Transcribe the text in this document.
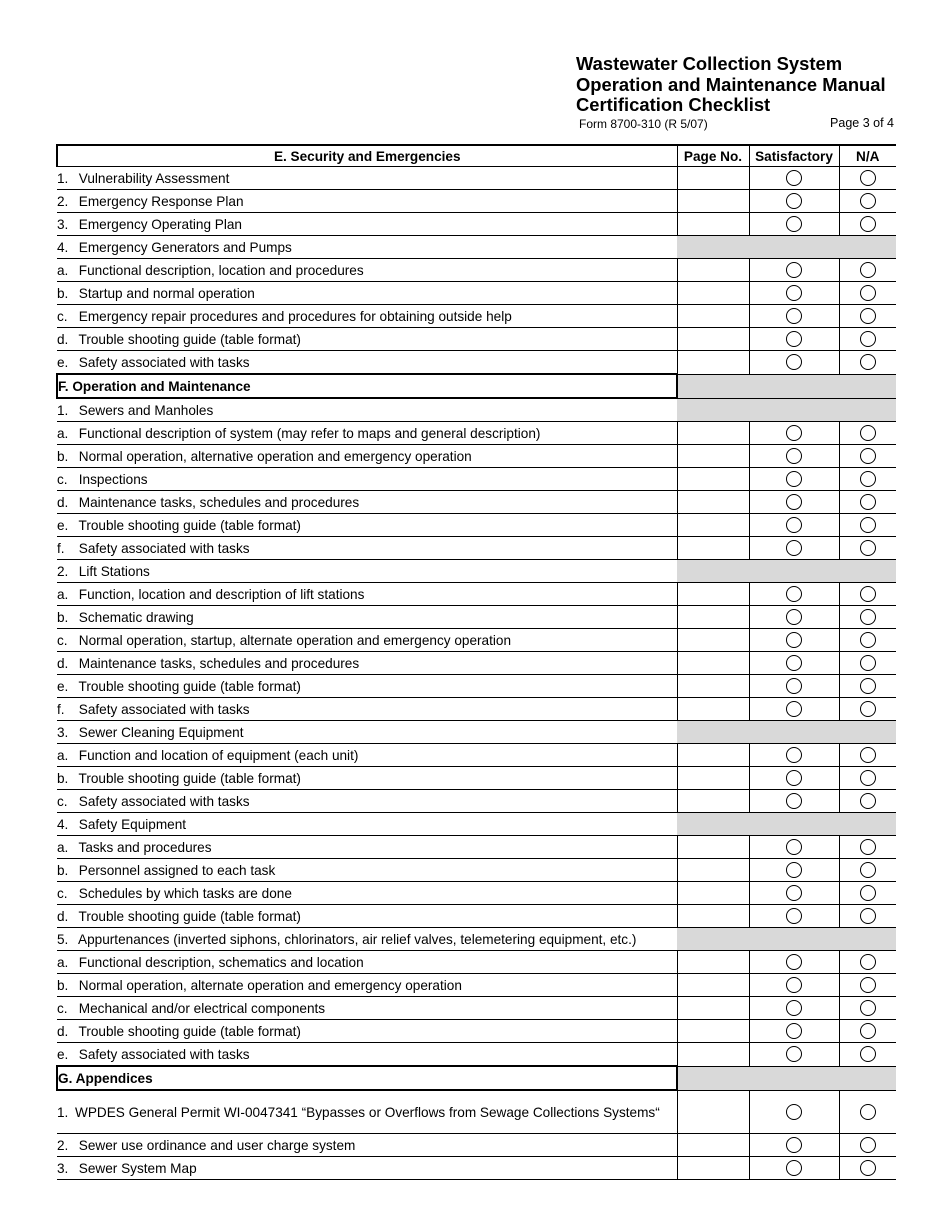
Wastewater Collection System
Operation and Maintenance Manual
Certification Checklist
Form 8700-310 (R 5/07)	Page 3 of 4
E. Security and Emergencies	Page No.	Satisfactory	N/A
1. Vulnerability Assessment			
2. Emergency Response Plan			
3. Emergency Operating Plan			
4. Emergency Generators and Pumps			
a. Functional description, location and procedures			
b. Startup and normal operation			
c. Emergency repair procedures and procedures for obtaining outside help			
d. Trouble shooting guide (table format)			
e. Safety associated with tasks			
F. Operation and Maintenance			
1. Sewers and Manholes			
a. Functional description of system (may refer to maps and general description)			
b. Normal operation, alternative operation and emergency operation			
c. Inspections			
d. Maintenance tasks, schedules and procedures			
e. Trouble shooting guide (table format)			
f. Safety associated with tasks			
2. Lift Stations			
a. Function, location and description of lift stations			
b. Schematic drawing			
c. Normal operation, startup, alternate operation and emergency operation			
d. Maintenance tasks, schedules and procedures			
e. Trouble shooting guide (table format)			
f. Safety associated with tasks			
3. Sewer Cleaning Equipment			
a. Function and location of equipment (each unit)			
b. Trouble shooting guide (table format)			
c. Safety associated with tasks			
4. Safety Equipment			
a. Tasks and procedures			
b. Personnel assigned to each task			
c. Schedules by which tasks are done			
d. Trouble shooting guide (table format)			
5. Appurtenances (inverted siphons, chlorinators, air relief valves, telemetering equipment, etc.)			
a. Functional description, schematics and location			
b. Normal operation, alternate operation and emergency operation			
c. Mechanical and/or electrical components			
d. Trouble shooting guide (table format)			
e. Safety associated with tasks			
G. Appendices			

1. WPDES General Permit WI-0047341 “Bypasses or Overflows from Sewage Collections Systems“			

2. Sewer use ordinance and user charge system			
3. Sewer System Map			
